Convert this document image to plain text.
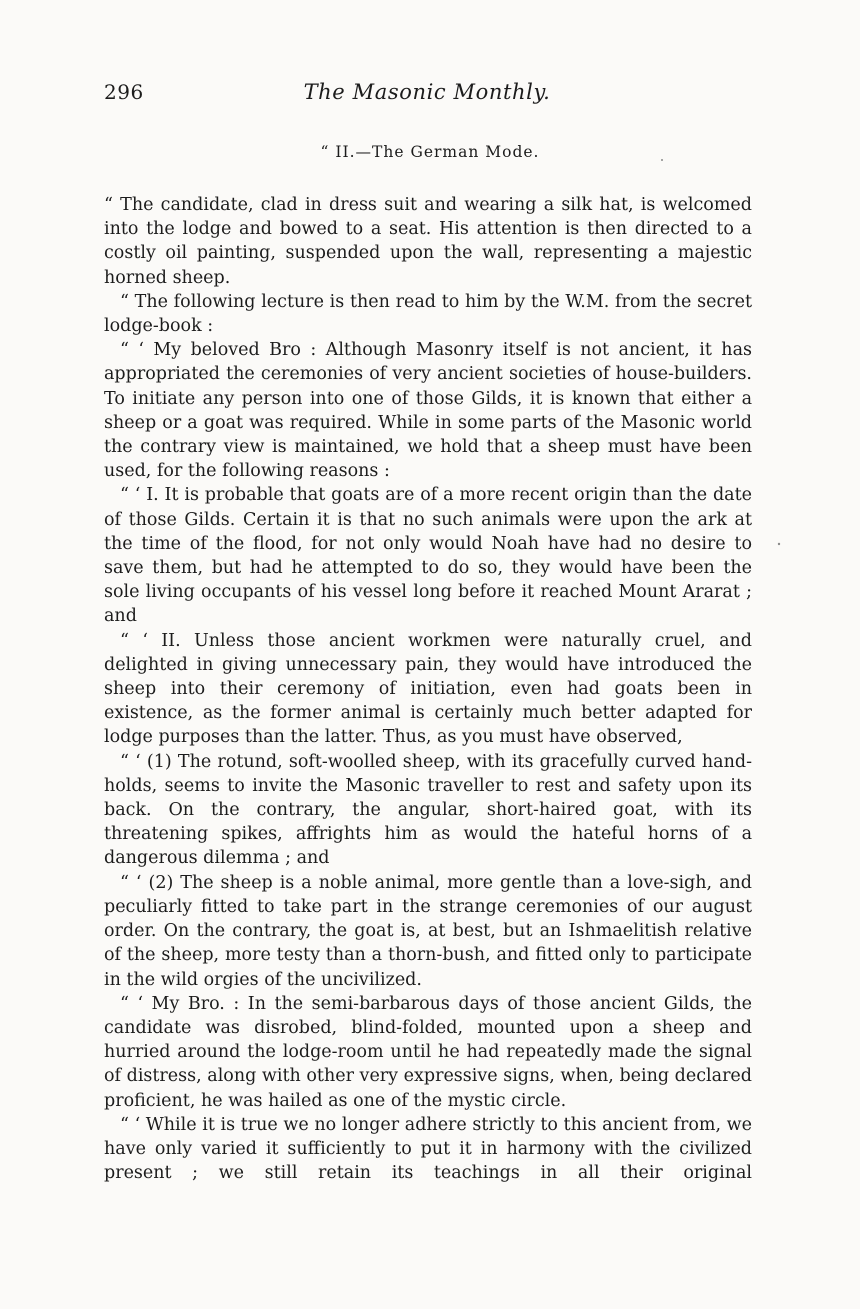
296	The Masonic Monthly.
“ II.—The German Mode.

“ The candidate, clad in dress suit and wearing a silk hat, is welcomed into the lodge and bowed to a seat. His attention is then directed to a costly oil painting, suspended upon the wall, representing a majestic horned sheep.

“ The following lecture is then read to him by the W.M. from the secret lodge-book :

“ ‘ My beloved Bro : Although Masonry itself is not ancient, it has appropriated the ceremonies of very ancient societies of house-builders. To initiate any person into one of those Gilds, it is known that either a sheep or a goat was required. While in some parts of the Masonic world the contrary view is maintained, we hold that a sheep must have been used, for the following reasons :

“ ‘ I. It is probable that goats are of a more recent origin than the date of those Gilds. Certain it is that no such animals were upon the ark at the time of the flood, for not only would Noah have had no desire to save them, but had he attempted to do so, they would have been the sole living occupants of his vessel long before it reached Mount Ararat ; and

“ ‘ II. Unless those ancient workmen were naturally cruel, and delighted in giving unnecessary pain, they would have introduced the sheep into their ceremony of initiation, even had goats been in existence, as the former animal is certainly much better adapted for lodge purposes than the latter. Thus, as you must have observed,

“ ‘ (1) The rotund, soft-woolled sheep, with its gracefully curved hand-holds, seems to invite the Masonic traveller to rest and safety upon its back. On the contrary, the angular, short-haired goat, with its threatening spikes, affrights him as would the hateful horns of a dangerous dilemma ; and

“ ‘ (2) The sheep is a noble animal, more gentle than a love-sigh, and peculiarly fitted to take part in the strange ceremonies of our august order. On the contrary, the goat is, at best, but an Ishmaelitish relative of the sheep, more testy than a thorn-bush, and fitted only to participate in the wild orgies of the uncivilized.

“ ‘ My Bro. : In the semi-barbarous days of those ancient Gilds, the candidate was disrobed, blind-folded, mounted upon a sheep and hurried around the lodge-room until he had repeatedly made the signal of distress, along with other very expressive signs, when, being declared proficient, he was hailed as one of the mystic circle.

“ ‘ While it is true we no longer adhere strictly to this ancient from, we have only varied it sufficiently to put it in harmony with the civilized present ; we still retain its teachings in all their original
